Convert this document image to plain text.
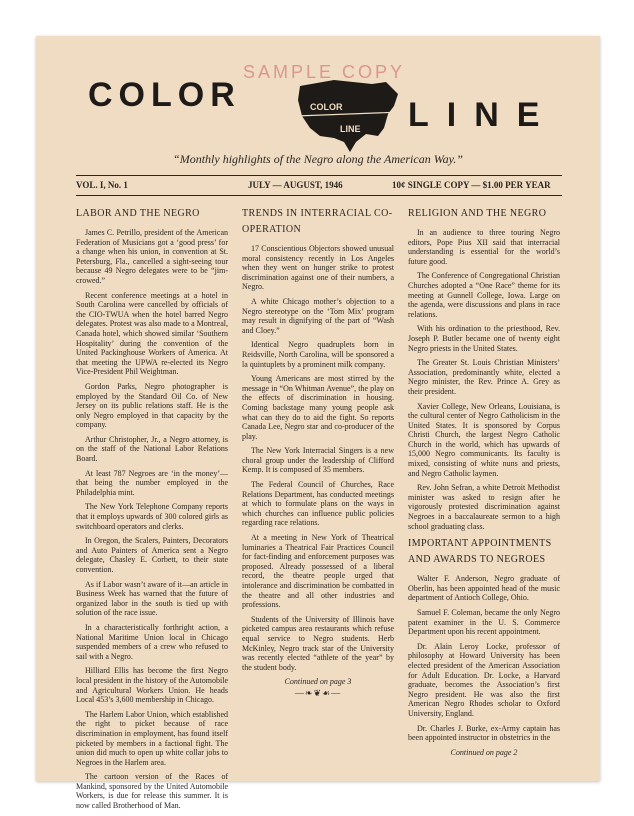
SAMPLE COPY
COLOR	COLOR
LINE LINE
“Monthly highlights of the Negro along the American Way.”
VOL. I, No. 1	JULY — AUGUST, 1946	10¢ SINGLE COPY — $1.00 PER YEAR
LABOR AND THE NEGRO

James C. Petrillo, president of the American Federation of Musicians got a ‘good press’ for a change when his union, in convention at St. Petersburg, Fla., cancelled a sight-seeing tour because 49 Negro delegates were to be “jim-crowed.”

Recent conference meetings at a hotel in South Carolina were cancelled by officials of the CIO-TWUA when the hotel barred Negro delegates. Protest was also made to a Montreal, Canada hotel, which showed similar ‘Southern Hospitality’ during the convention of the United Packinghouse Workers of America. At that meeting the UPWA re-elected its Negro Vice-President Phil Weightman.

Gordon Parks, Negro photographer is employed by the Standard Oil Co. of New Jersey on its public relations staff. He is the only Negro employed in that capacity by the company.

Arthur Christopher, Jr., a Negro attorney, is on the staff of the National Labor Relations Board.

At least 787 Negroes are ‘in the money’—that being the number employed in the Philadelphia mint.

The New York Telephone Company reports that it employs upwards of 300 colored girls as switchboard operators and clerks.

In Oregon, the Scalers, Painters, Decorators and Auto Painters of America sent a Negro delegate, Chasley E. Corbett, to their state convention.

As if Labor wasn’t aware of it—an article in Business Week has warned that the future of organized labor in the south is tied up with solution of the race issue.

In a characteristically forthright action, a National Maritime Union local in Chicago suspended members of a crew who refused to sail with a Negro.

Hilliard Ellis has become the first Negro local president in the history of the Automobile and Agricultural Workers Union. He heads Local 453’s 3,600 membership in Chicago.

The Harlem Labor Union, which established the right to picket because of race discrimination in employment, has found itself picketed by members in a factional fight. The union did much to open up white collar jobs to Negroes in the Harlem area.

The cartoon version of the Races of Mankind, sponsored by the United Automobile Workers, is due for release this summer. It is now called Brotherhood of Man.

TRENDS IN INTERRACIAL CO-OPERATION

17 Conscientious Objectors showed unusual moral consistency recently in Los Angeles when they went on hunger strike to protest discrimination against one of their numbers, a Negro.

A white Chicago mother’s objection to a Negro stereotype on the ‘Tom Mix’ program may result in dignifying of the part of “Wash and Cloey.”

Identical Negro quadruplets born in Reidsville, North Carolina, will be sponsored a la quintuplets by a prominent milk company.

Young Americans are most stirred by the message in “On Whitman Avenue”, the play on the effects of discrimination in housing. Coming backstage many young people ask what can they do to aid the fight. So reports Canada Lee, Negro star and co-producer of the play.

The New York Interracial Singers is a new choral group under the leadership of Clifford Kemp. It is composed of 35 members.

The Federal Council of Churches, Race Relations Department, has conducted meetings at which to formulate plans on the ways in which churches can influence public policies regarding race relations.

At a meeting in New York of Theatrical luminaries a Theatrical Fair Practices Council for fact-finding and enforcement purposes was proposed. Already possessed of a liberal record, the theatre people urged that intolerance and discrimination be combatted in the theatre and all other industries and professions.

Students of the University of Illinois have picketed campus area restaurants which refuse equal service to Negro students. Herb McKinley, Negro track star of the University was recently elected “athlete of the year” by the student body.

Continued on page 3
—❧❦☙—
RELIGION AND THE NEGRO

In an audience to three touring Negro editors, Pope Pius XII said that interracial understanding is essential for the world’s future good.

The Conference of Congregational Christian Churches adopted a “One Race” theme for its meeting at Gunnell College, Iowa. Large on the agenda, were discussions and plans in race relations.

With his ordination to the priesthood, Rev. Joseph P. Butler became one of twenty eight Negro priests in the United States.

The Greater St. Louis Christian Ministers’ Association, predominantly white, elected a Negro minister, the Rev. Prince A. Grey as their president.

Xavier College, New Orleans, Louisiana, is the cultural center of Negro Catholicism in the United States. It is sponsored by Corpus Christi Church, the largest Negro Catholic Church in the world, which has upwards of 15,000 Negro communicants. Its faculty is mixed, consisting of white nuns and priests, and Negro Catholic laymen.

Rev. John Sefran, a white Detroit Methodist minister was asked to resign after he vigorously protested discrimination against Negroes in a baccalaureate sermon to a high school graduating class.

IMPORTANT APPOINTMENTS AND AWARDS TO NEGROES

Walter F. Anderson, Negro graduate of Oberlin, has been appointed head of the music department of Antioch College, Ohio.

Samuel F. Coleman, became the only Negro patent examiner in the U. S. Commerce Department upon his recent appointment.

Dr. Alain Leroy Locke, professor of philosophy at Howard University has been elected president of the American Association for Adult Education. Dr. Locke, a Harvard graduate, becomes the Association’s first Negro president. He was also the first American Negro Rhodes scholar to Oxford University, England.

Dr. Charles J. Burke, ex-Army captain has been appointed instructor in obstetrics in the

Continued on page 2
